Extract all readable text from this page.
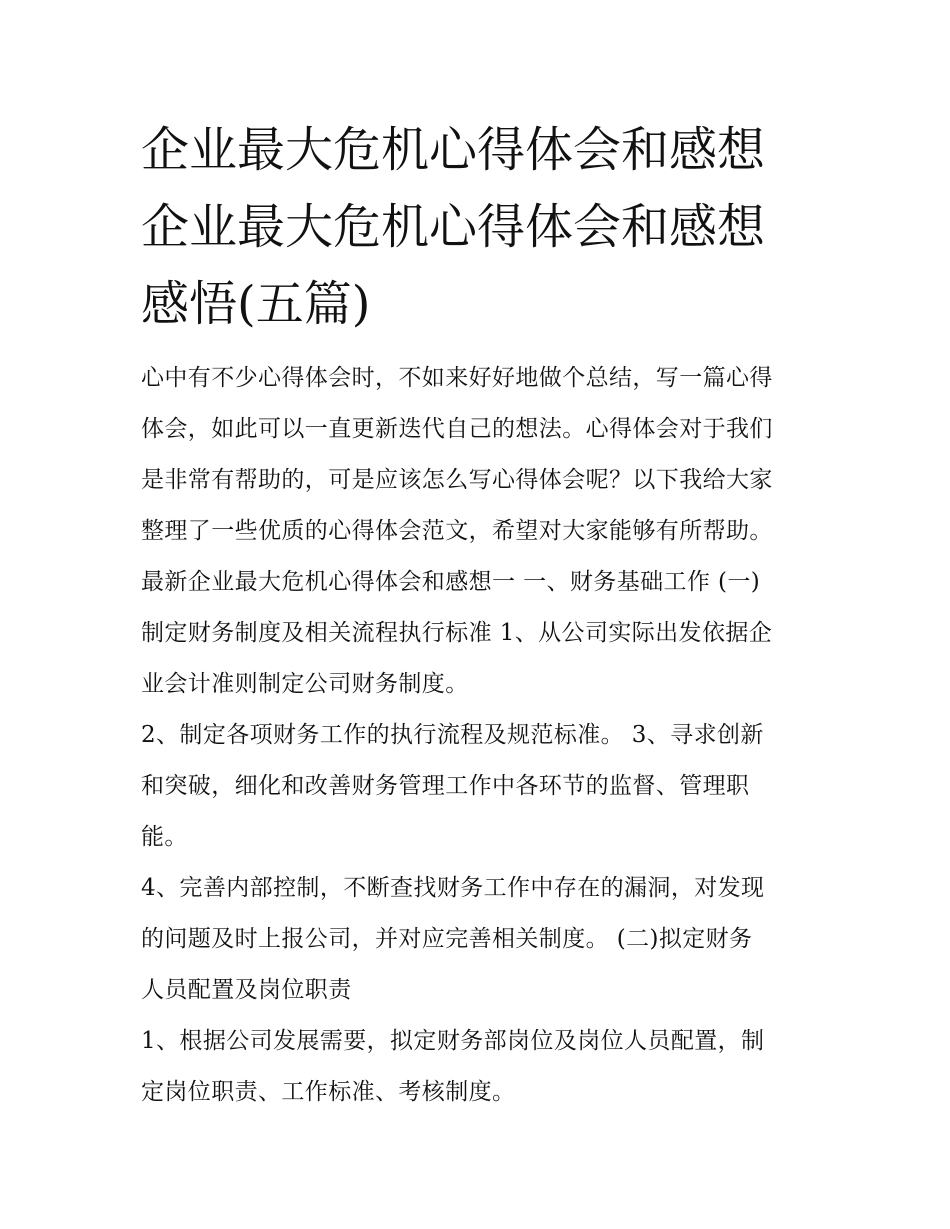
企业最大危机心得体会和感想
企业最大危机心得体会和感想
感悟(五篇)

心中有不少心得体会时，不如来好好地做个总结，写一篇心得
体会，如此可以一直更新迭代自己的想法。心得体会对于我们
是非常有帮助的，可是应该怎么写心得体会呢？以下我给大家
整理了一些优质的心得体会范文，希望对大家能够有所帮助。
最新企业最大危机心得体会和感想一 一、财务基础工作 (一)
制定财务制度及相关流程执行标准 1、从公司实际出发依据企
业会计准则制定公司财务制度。

2、制定各项财务工作的执行流程及规范标准。 3、寻求创新
和突破，细化和改善财务管理工作中各环节的监督、管理职
能。

4、完善内部控制，不断查找财务工作中存在的漏洞，对发现
的问题及时上报公司，并对应完善相关制度。 (二)拟定财务
人员配置及岗位职责

1、根据公司发展需要，拟定财务部岗位及岗位人员配置，制
定岗位职责、工作标准、考核制度。
